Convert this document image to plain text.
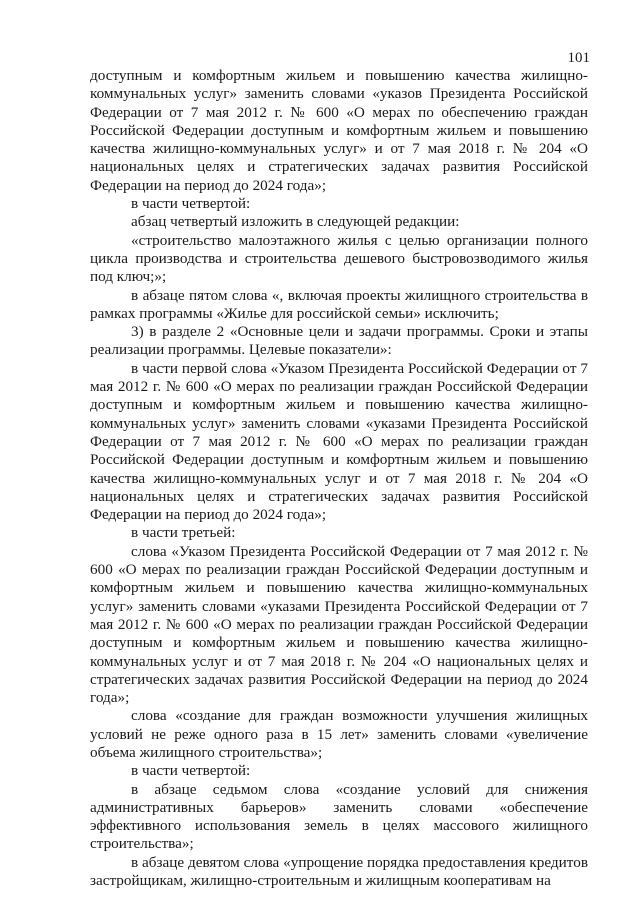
101

доступным и комфортным жильем и повышению качества жилищно-коммунальных услуг» заменить словами «указов Президента Российской Федерации от 7 мая 2012 г. № 600 «О мерах по обеспечению граждан Российской Федерации доступным и комфортным жильем и повышению качества жилищно-коммунальных услуг» и от 7 мая 2018 г. № 204 «О национальных целях и стратегических задачах развития Российской Федерации на период до 2024 года»;

в части четвертой:

абзац четвертый изложить в следующей редакции:

«строительство малоэтажного жилья с целью организации полного цикла производства и строительства дешевого быстровозводимого жилья под ключ;»;

в абзаце пятом слова «, включая проекты жилищного строительства в рамках программы «Жилье для российской семьи» исключить;

3) в разделе 2 «Основные цели и задачи программы. Сроки и этапы реализации программы. Целевые показатели»:

в части первой слова «Указом Президента Российской Федерации от 7 мая 2012 г. № 600 «О мерах по реализации граждан Российской Федерации доступным и комфортным жильем и повышению качества жилищно-коммунальных услуг» заменить словами «указами Президента Российской Федерации от 7 мая 2012 г. № 600 «О мерах по реализации граждан Российской Федерации доступным и комфортным жильем и повышению качества жилищно-коммунальных услуг и от 7 мая 2018 г. № 204 «О национальных целях и стратегических задачах развития Российской Федерации на период до 2024 года»;

в части третьей:

слова «Указом Президента Российской Федерации от 7 мая 2012 г. № 600 «О мерах по реализации граждан Российской Федерации доступным и комфортным жильем и повышению качества жилищно-коммунальных услуг» заменить словами «указами Президента Российской Федерации от 7 мая 2012 г. № 600 «О мерах по реализации граждан Российской Федерации доступным и комфортным жильем и повышению качества жилищно-коммунальных услуг и от 7 мая 2018 г. № 204 «О национальных целях и стратегических задачах развития Российской Федерации на период до 2024 года»;

слова «создание для граждан возможности улучшения жилищных условий не реже одного раза в 15 лет» заменить словами «увеличение объема жилищного строительства»;

в части четвертой:

в абзаце седьмом слова «создание условий для снижения административных барьеров» заменить словами «обеспечение эффективного использования земель в целях массового жилищного строительства»;

в абзаце девятом слова «упрощение порядка предоставления кредитов застройщикам, жилищно-строительным и жилищным кооперативам на
